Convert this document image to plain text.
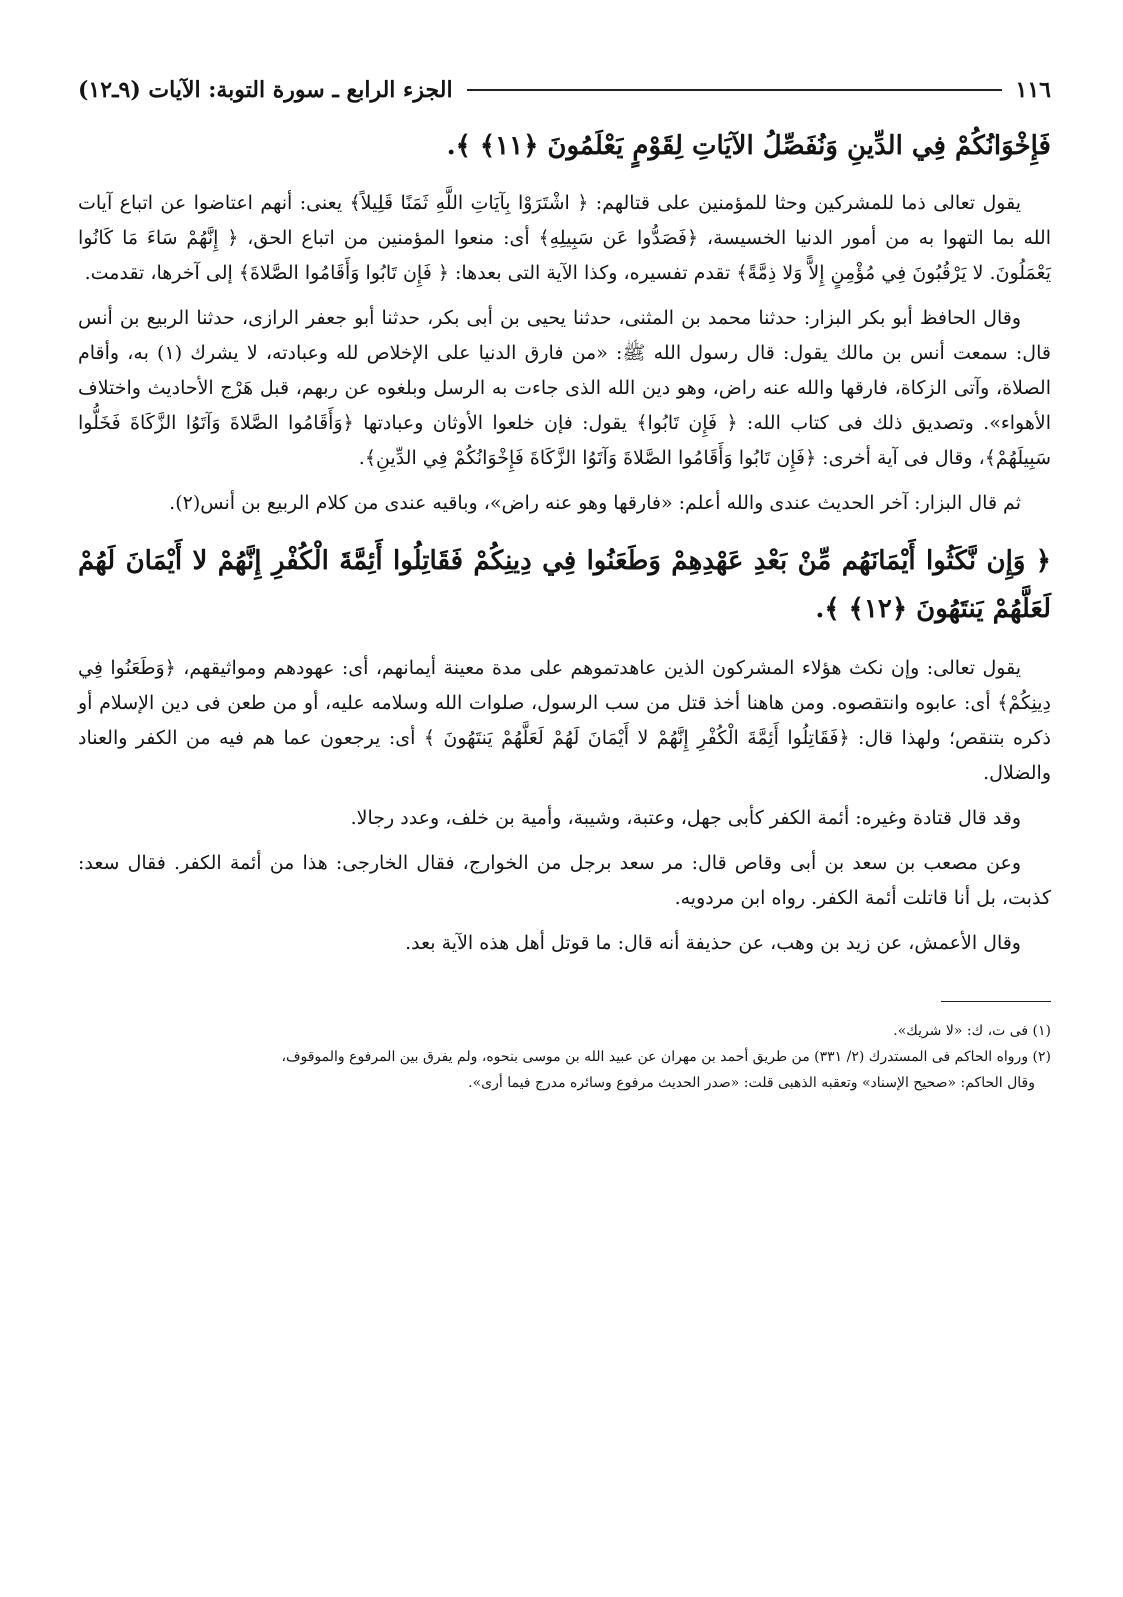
١١٦
الجزء الرابع ـ سورة التوبة: الآيات (٩ـ١٢)

فَإِخْوَانُكُمْ فِي الدِّينِ وَنُفَصِّلُ الآيَاتِ لِقَوْمٍ يَعْلَمُونَ ﴿١١﴾ ﴾.

يقول تعالى ذما للمشركين وحثا للمؤمنين على قتالهم: ﴿ اشْتَرَوْا بِآيَاتِ اللَّهِ ثَمَنًا قَلِيلاً﴾ يعنى: أنهم اعتاضوا عن اتباع آيات الله بما التهوا به من أمور الدنيا الخسيسة، ﴿فَصَدُّوا عَن سَبِيلِهِ﴾ أى: منعوا المؤمنين من اتباع الحق، ﴿ إِنَّهُمْ سَاءَ مَا كَانُوا يَعْمَلُونَ. لا يَرْقُبُونَ فِي مُؤْمِنٍ إِلاًّ وَلا ذِمَّةً﴾ تقدم تفسيره، وكذا الآية التى بعدها: ﴿ فَإِن تَابُوا وَأَقَامُوا الصَّلاةَ﴾ إلى آخرها، تقدمت.

وقال الحافظ أبو بكر البزار: حدثنا محمد بن المثنى، حدثنا يحيى بن أبى بكر، حدثنا أبو جعفر الرازى، حدثنا الربيع بن أنس قال: سمعت أنس بن مالك يقول: قال رسول الله ﷺ: «من فارق الدنيا على الإخلاص لله وعبادته، لا يشرك (١) به، وأقام الصلاة، وآتى الزكاة، فارقها والله عنه راض، وهو دين الله الذى جاءت به الرسل وبلغوه عن ربهم، قبل هَرْج الأحاديث واختلاف الأهواء». وتصديق ذلك فى كتاب الله: ﴿ فَإِن تَابُوا﴾ يقول: فإن خلعوا الأوثان وعبادتها ﴿وَأَقَامُوا الصَّلاةَ وَآتَوُا الزَّكَاةَ فَخَلُّوا سَبِيلَهُمْ﴾، وقال فى آية أخرى: ﴿فَإِن تَابُوا وَأَقَامُوا الصَّلاةَ وَآتَوُا الزَّكَاةَ فَإِخْوَانُكُمْ فِي الدِّينِ﴾.

ثم قال البزار: آخر الحديث عندى والله أعلم: «فارقها وهو عنه راض»، وباقيه عندى من كلام الربيع بن أنس(٢).

﴿ وَإِن نَّكَثُوا أَيْمَانَهُم مِّنْ بَعْدِ عَهْدِهِمْ وَطَعَنُوا فِي دِينِكُمْ فَقَاتِلُوا أَئِمَّةَ الْكُفْرِ إِنَّهُمْ لا أَيْمَانَ لَهُمْ لَعَلَّهُمْ يَنتَهُونَ ﴿١٢﴾ ﴾.

يقول تعالى: وإن نكث هؤلاء المشركون الذين عاهدتموهم على مدة معينة أيمانهم، أى: عهودهم ومواثيقهم، ﴿وَطَعَنُوا فِي دِينِكُمْ﴾ أى: عابوه وانتقصوه. ومن هاهنا أخذ قتل من سب الرسول، صلوات الله وسلامه عليه، أو من طعن فى دين الإسلام أو ذكره بتنقص؛ ولهذا قال: ﴿فَقَاتِلُوا أَئِمَّةَ الْكُفْرِ إِنَّهُمْ لا أَيْمَانَ لَهُمْ لَعَلَّهُمْ يَنتَهُونَ ﴾ أى: يرجعون عما هم فيه من الكفر والعناد والضلال.

وقد قال قتادة وغيره: أئمة الكفر كأبى جهل، وعتبة، وشيبة، وأمية بن خلف، وعدد رجالا.

وعن مصعب بن سعد بن أبى وقاص قال: مر سعد برجل من الخوارج، فقال الخارجى: هذا من أئمة الكفر. فقال سعد: كذبت، بل أنا قاتلت أئمة الكفر. رواه ابن مردويه.

وقال الأعمش، عن زيد بن وهب، عن حذيفة أنه قال: ما قوتل أهل هذه الآية بعد.

(١) فى ت، ك: «لا شريك».

(٢) ورواه الحاكم فى المستدرك (٢/ ٣٣١) من طريق أحمد بن مهران عن عبيد الله بن موسى بنحوه، ولم يفرق بين المرفوع والموقوف،

وقال الحاكم: «صحيح الإسناد» وتعقبه الذهبى قلت: «صدر الحديث مرفوع وسائره مدرج فيما أرى».
